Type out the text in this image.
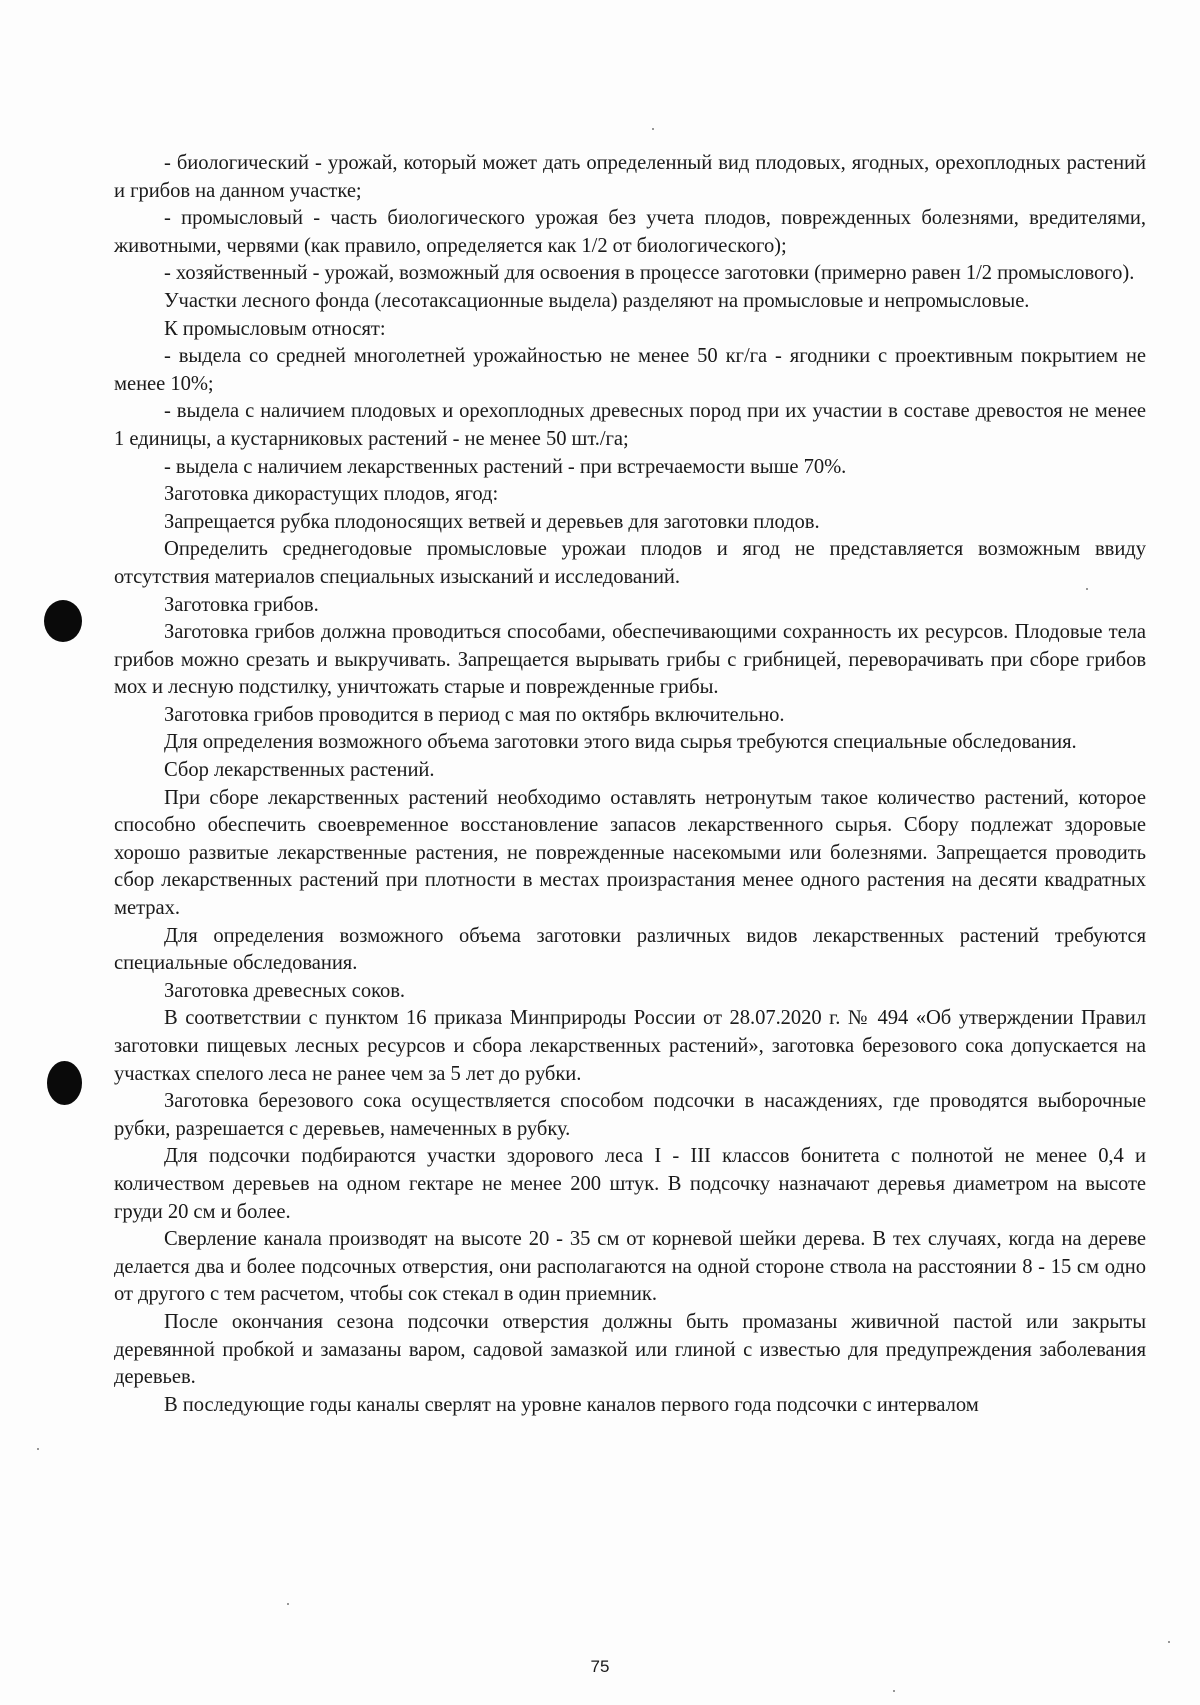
- биологический - урожай, который может дать определенный вид плодовых, ягодных, орехоплодных растений и грибов на данном участке;

- промысловый - часть биологического урожая без учета плодов, поврежденных болезнями, вредителями, животными, червями (как правило, определяется как 1/2 от биологического);

- хозяйственный - урожай, возможный для освоения в процессе заготовки (примерно равен 1/2 промыслового).

Участки лесного фонда (лесотаксационные выдела) разделяют на промысловые и непромысловые.

К промысловым относят:

- выдела со средней многолетней урожайностью не менее 50 кг/га - ягодники с проективным покрытием не менее 10%;

- выдела с наличием плодовых и орехоплодных древесных пород при их участии в составе древостоя не менее 1 единицы, а кустарниковых растений - не менее 50 шт./га;

- выдела с наличием лекарственных растений - при встречаемости выше 70%.

Заготовка дикорастущих плодов, ягод:

Запрещается рубка плодоносящих ветвей и деревьев для заготовки плодов.

Определить среднегодовые промысловые урожаи плодов и ягод не представляется возможным ввиду отсутствия материалов специальных изысканий и исследований.

Заготовка грибов.

Заготовка грибов должна проводиться способами, обеспечивающими сохранность их ресурсов. Плодовые тела грибов можно срезать и выкручивать. Запрещается вырывать грибы с грибницей, переворачивать при сборе грибов мох и лесную подстилку, уничтожать старые и поврежденные грибы.

Заготовка грибов проводится в период с мая по октябрь включительно.

Для определения возможного объема заготовки этого вида сырья требуются специальные обследования.

Сбор лекарственных растений.

При сборе лекарственных растений необходимо оставлять нетронутым такое количество растений, которое способно обеспечить своевременное восстановление запасов лекарственного сырья. Сбору подлежат здоровые хорошо развитые лекарственные растения, не поврежденные насекомыми или болезнями. Запрещается проводить сбор лекарственных растений при плотности в местах произрастания менее одного растения на десяти квадратных метрах.

Для определения возможного объема заготовки различных видов лекарственных растений требуются специальные обследования.

Заготовка древесных соков.

В соответствии с пунктом 16 приказа Минприроды России от 28.07.2020 г. № 494 «Об утверждении Правил заготовки пищевых лесных ресурсов и сбора лекарственных растений», заготовка березового сока допускается на участках спелого леса не ранее чем за 5 лет до рубки.

Заготовка березового сока осуществляется способом подсочки в насаждениях, где проводятся выборочные рубки, разрешается с деревьев, намеченных в рубку.

Для подсочки подбираются участки здорового леса I - III классов бонитета с полнотой не менее 0,4 и количеством деревьев на одном гектаре не менее 200 штук. В подсочку назначают деревья диаметром на высоте груди 20 см и более.

Сверление канала производят на высоте 20 - 35 см от корневой шейки дерева. В тех случаях, когда на дереве делается два и более подсочных отверстия, они располагаются на одной стороне ствола на расстоянии 8 - 15 см одно от другого с тем расчетом, чтобы сок стекал в один приемник.

После окончания сезона подсочки отверстия должны быть промазаны живичной пастой или закрыты деревянной пробкой и замазаны варом, садовой замазкой или глиной с известью для предупреждения заболевания деревьев.

В последующие годы каналы сверлят на уровне каналов первого года подсочки с интервалом

75
